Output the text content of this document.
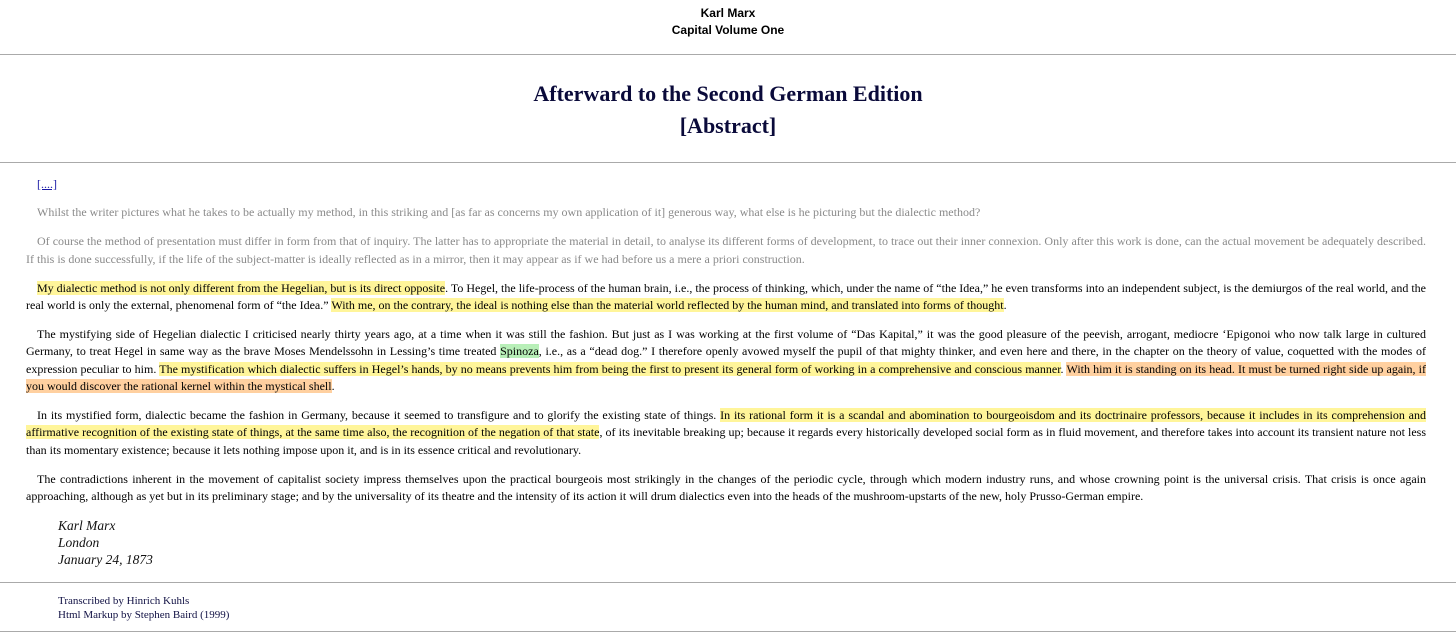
Karl Marx
Capital Volume One
Afterward to the Second German Edition
[Abstract]

[....]

Whilst the writer pictures what he takes to be actually my method, in this striking and [as far as concerns my own application of it] generous way, what else is he picturing but the dialectic method?

Of course the method of presentation must differ in form from that of inquiry. The latter has to appropriate the material in detail, to analyse its different forms of development, to trace out their inner connexion. Only after this work is done, can the actual movement be adequately described. If this is done successfully, if the life of the subject-matter is ideally reflected as in a mirror, then it may appear as if we had before us a mere a priori construction.

My dialectic method is not only different from the Hegelian, but is its direct opposite. To Hegel, the life-process of the human brain, i.e., the process of thinking, which, under the name of “the Idea,” he even transforms into an independent subject, is the demiurgos of the real world, and the real world is only the external, phenomenal form of “the Idea.” With me, on the contrary, the ideal is nothing else than the material world reflected by the human mind, and translated into forms of thought.

The mystifying side of Hegelian dialectic I criticised nearly thirty years ago, at a time when it was still the fashion. But just as I was working at the first volume of “Das Kapital,” it was the good pleasure of the peevish, arrogant, mediocre ‘Epigonoi who now talk large in cultured Germany, to treat Hegel in same way as the brave Moses Mendelssohn in Lessing’s time treated Spinoza, i.e., as a “dead dog.” I therefore openly avowed myself the pupil of that mighty thinker, and even here and there, in the chapter on the theory of value, coquetted with the modes of expression peculiar to him. The mystification which dialectic suffers in Hegel’s hands, by no means prevents him from being the first to present its general form of working in a comprehensive and conscious manner. With him it is standing on its head. It must be turned right side up again, if you would discover the rational kernel within the mystical shell.

In its mystified form, dialectic became the fashion in Germany, because it seemed to transfigure and to glorify the existing state of things. In its rational form it is a scandal and abomination to bourgeoisdom and its doctrinaire professors, because it includes in its comprehension and affirmative recognition of the existing state of things, at the same time also, the recognition of the negation of that state, of its inevitable breaking up; because it regards every historically developed social form as in fluid movement, and therefore takes into account its transient nature not less than its momentary existence; because it lets nothing impose upon it, and is in its essence critical and revolutionary.

The contradictions inherent in the movement of capitalist society impress themselves upon the practical bourgeois most strikingly in the changes of the periodic cycle, through which modern industry runs, and whose crowning point is the universal crisis. That crisis is once again approaching, although as yet but in its preliminary stage; and by the universality of its theatre and the intensity of its action it will drum dialectics even into the heads of the mushroom-upstarts of the new, holy Prusso-German empire.

Karl Marx
London
January 24, 1873
Transcribed by Hinrich Kuhls
Html Markup by Stephen Baird (1999)
